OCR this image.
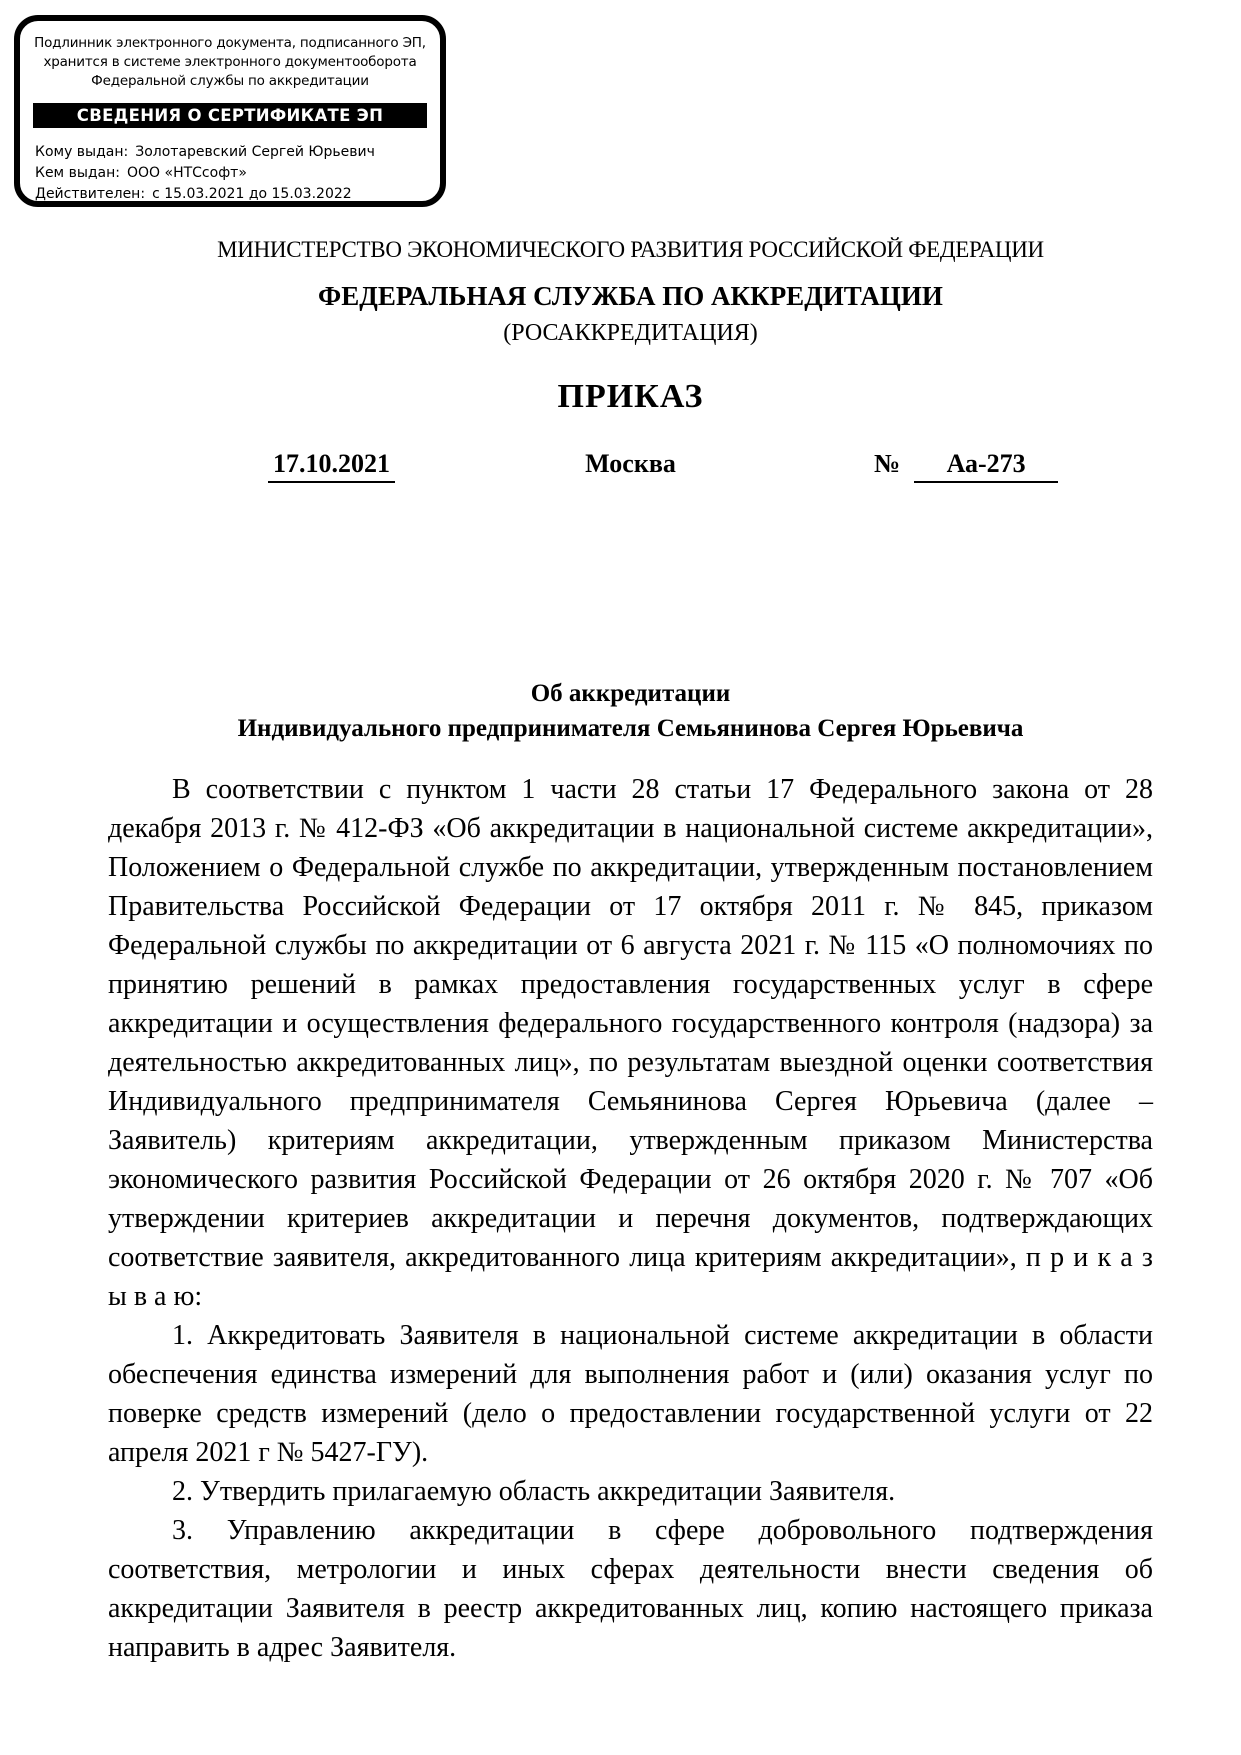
Подлинник электронного документа, подписанного ЭП,
хранится в системе электронного документооборота
Федеральной службы по аккредитации
СВЕДЕНИЯ О СЕРТИФИКАТЕ ЭП
Кому выдан: Золотаревский Сергей Юрьевич
Кем выдан: ООО «НТСсофт»
Действителен: с 15.03.2021 до 15.03.2022
МИНИСТЕРСТВО ЭКОНОМИЧЕСКОГО РАЗВИТИЯ РОССИЙСКОЙ ФЕДЕРАЦИИ
ФЕДЕРАЛЬНАЯ СЛУЖБА ПО АККРЕДИТАЦИИ
(РОСАККРЕДИТАЦИЯ)
ПРИКАЗ
17.10.2021	Москва	№ Аа-273
Об аккредитации
Индивидуального предпринимателя Семьянинова Сергея Юрьевича

В соответствии с пунктом 1 части 28 статьи 17 Федерального закона от 28 декабря 2013 г. № 412-ФЗ «Об аккредитации в национальной системе аккредитации», Положением о Федеральной службе по аккредитации, утвержденным постановлением Правительства Российской Федерации от 17 октября 2011 г. № 845, приказом Федеральной службы по аккредитации от 6 августа 2021 г. № 115 «О полномочиях по принятию решений в рамках предоставления государственных услуг в сфере аккредитации и осуществления федерального государственного контроля (надзора) за деятельностью аккредитованных лиц», по результатам выездной оценки соответствия Индивидуального предпринимателя Семьянинова Сергея Юрьевича (далее – Заявитель) критериям аккредитации, утвержденным приказом Министерства экономического развития Российской Федерации от 26 октября 2020 г. № 707 «Об утверждении критериев аккредитации и перечня документов, подтверждающих соответствие заявителя, аккредитованного лица критериям аккредитации», п р и к а з ы в а ю:

1. Аккредитовать Заявителя в национальной системе аккредитации в области обеспечения единства измерений для выполнения работ и (или) оказания услуг по поверке средств измерений (дело о предоставлении государственной услуги от 22 апреля 2021 г № 5427-ГУ).

2. Утвердить прилагаемую область аккредитации Заявителя.

3. Управлению аккредитации в сфере добровольного подтверждения соответствия, метрологии и иных сферах деятельности внести сведения об аккредитации Заявителя в реестр аккредитованных лиц, копию настоящего приказа направить в адрес Заявителя.
